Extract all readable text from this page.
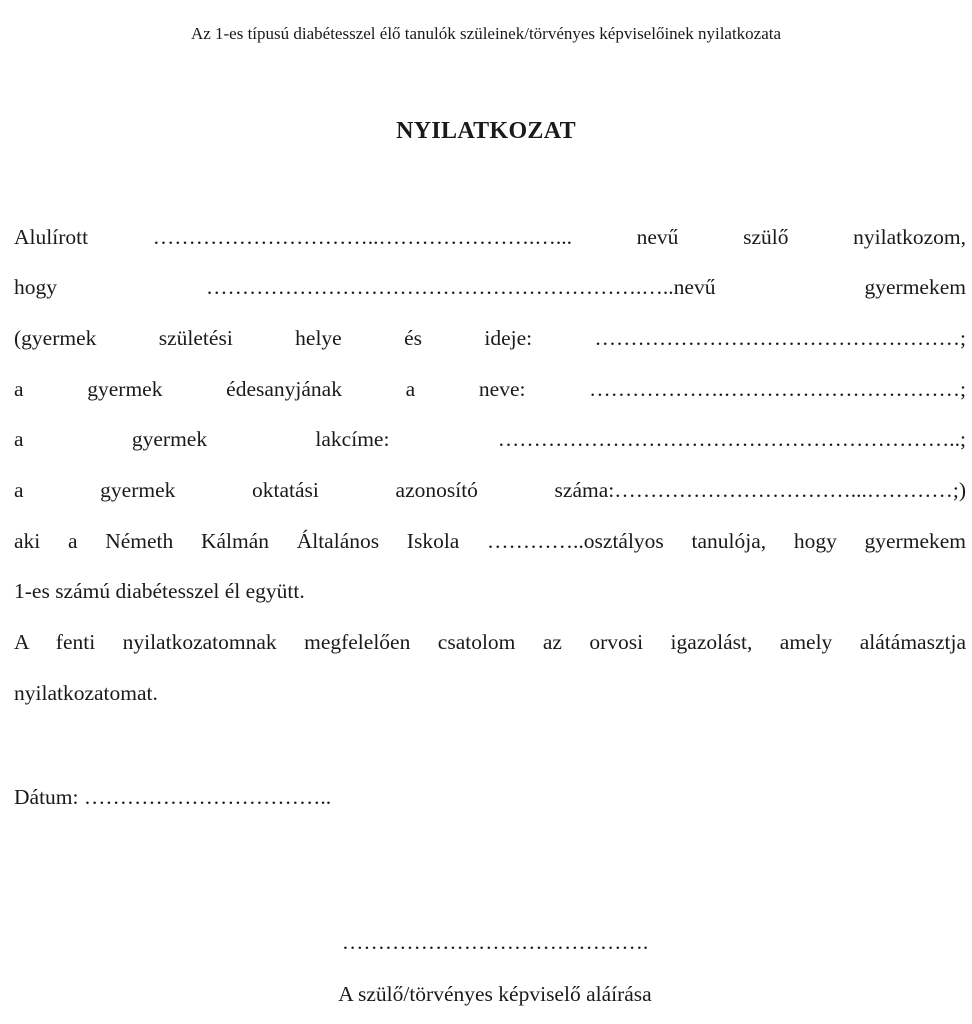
Az 1-es típusú diabétesszel élő tanulók szüleinek/törvényes képviselőinek nyilatkozata
NYILATKOZAT
Alulírott …………………………..………………….…... nevű szülő nyilatkozom,
hogy …………………………………………………….…..nevű gyermekem
(gyermek születési helye és ideje: ……………………………………………;
a gyermek édesanyjának a neve: ……………….……………………………;
a gyermek lakcíme: ………………………………………………………..;
a gyermek oktatási azonosító száma:……………………………...…………;)
aki a Németh Kálmán Általános Iskola …………..osztályos tanulója, hogy gyermekem
1-es számú diabétesszel él együtt.
A fenti nyilatkozatomnak megfelelően csatolom az orvosi igazolást, amely alátámasztja
nyilatkozatomat.
Dátum: ……………………………..
…………………………………….
A szülő/törvényes képviselő aláírása
